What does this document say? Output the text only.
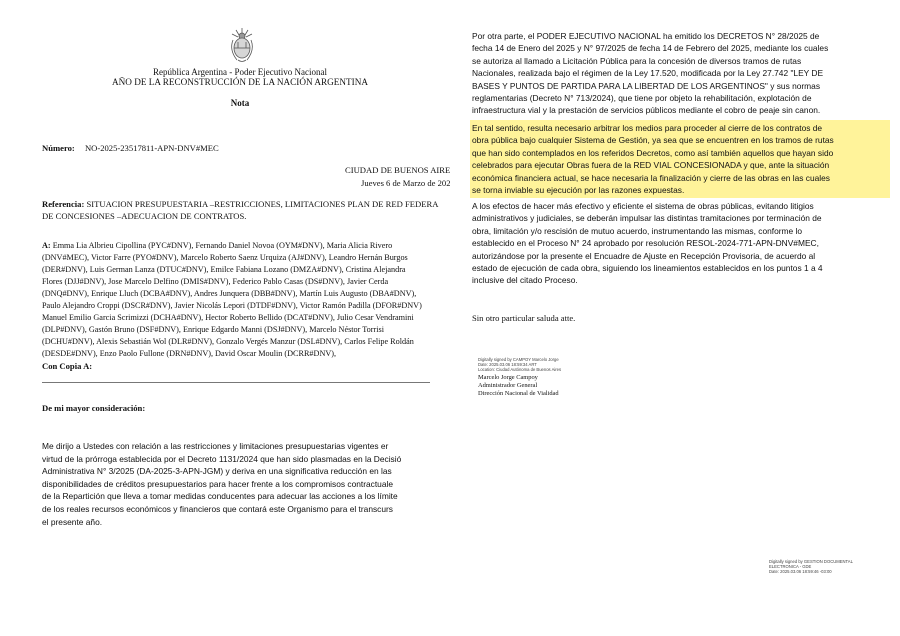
República Argentina - Poder Ejecutivo Nacional
AÑO DE LA RECONSTRUCCIÓN DE LA NACIÓN ARGENTINA
Nota
Número: NO-2025-23517811-APN-DNV#MEC
CIUDAD DE BUENOS AIRE
Jueves 6 de Marzo de 202
Referencia: SITUACION PRESUPUESTARIA –RESTRICCIONES, LIMITACIONES PLAN DE RED FEDERA
DE CONCESIONES –ADECUACION DE CONTRATOS.
A: Emma Lia Albrieu Cipollina (PYC#DNV), Fernando Daniel Novoa (OYM#DNV), Maria Alicia Rivero
(DNV#MEC), Victor Farre (PYO#DNV), Marcelo Roberto Saenz Urquiza (AJ#DNV), Leandro Hernán Burgos
(DER#DNV), Luis German Lanza (DTUC#DNV), Emilce Fabiana Lozano (DMZA#DNV), Cristina Alejandra
Flores (DJJ#DNV), Jose Marcelo Delfino (DMIS#DNV), Federico Pablo Casas (DS#DNV), Javier Cerda
(DNQ#DNV), Enrique Lluch (DCBA#DNV), Andres Junquera (DBB#DNV), Martín Luis Augusto (DBA#DNV),
Paulo Alejandro Croppi (DSCR#DNV), Javier Nicolás Lepori (DTDF#DNV), Victor Ramón Padilla (DFOR#DNV)
Manuel Emilio Garcia Scrimizzi (DCHA#DNV), Hector Roberto Bellido (DCAT#DNV), Julio Cesar Vendramini
(DLP#DNV), Gastón Bruno (DSF#DNV), Enrique Edgardo Manni (DSJ#DNV), Marcelo Néstor Torrisi
(DCHU#DNV), Alexis Sebastián Wol (DLR#DNV), Gonzalo Vergés Manzur (DSL#DNV), Carlos Felipe Roldán
(DESDE#DNV), Enzo Paolo Fullone (DRN#DNV), David Oscar Moulin (DCRR#DNV),
Con Copia A:
De mi mayor consideración:
Me dirijo a Ustedes con relación a las restricciones y limitaciones presupuestarias vigentes er
virtud de la prórroga establecida por el Decreto 1131/2024 que han sido plasmadas en la Decisió
Administrativa N° 3/2025 (DA-2025-3-APN-JGM) y deriva en una significativa reducción en las
disponibilidades de créditos presupuestarios para hacer frente a los compromisos contractuale
de la Repartición que lleva a tomar medidas conducentes para adecuar las acciones a los límite
de los reales recursos económicos y financieros que contará este Organismo para el transcurs
el presente año.
Por otra parte, el PODER EJECUTIVO NACIONAL ha emitido los DECRETOS N° 28/2025 de
fecha 14 de Enero del 2025 y N° 97/2025 de fecha 14 de Febrero del 2025, mediante los cuales
se autoriza al llamado a Licitación Pública para la concesión de diversos tramos de rutas
Nacionales, realizada bajo el régimen de la Ley 17.520, modificada por la Ley 27.742 "LEY DE
BASES Y PUNTOS DE PARTIDA PARA LA LIBERTAD DE LOS ARGENTINOS" y sus normas
reglamentarias (Decreto N° 713/2024), que tiene por objeto la rehabilitación, explotación de
infraestructura vial y la prestación de servicios públicos mediante el cobro de peaje sin canon.
En tal sentido, resulta necesario arbitrar los medios para proceder al cierre de los contratos de
obra pública bajo cualquier Sistema de Gestión, ya sea que se encuentren en los tramos de rutas
que han sido contemplados en los referidos Decretos, como así también aquellos que hayan sido
celebrados para ejecutar Obras fuera de la RED VIAL CONCESIONADA y que, ante la situación
económica financiera actual, se hace necesaria la finalización y cierre de las obras en las cuales
se torna inviable su ejecución por las razones expuestas.
A los efectos de hacer más efectivo y eficiente el sistema de obras públicas, evitando litigios
administrativos y judiciales, se deberán impulsar las distintas tramitaciones por terminación de
obra, limitación y/o rescisión de mutuo acuerdo, instrumentando las mismas, conforme lo
establecido en el Proceso N° 24 aprobado por resolución RESOL-2024-771-APN-DNV#MEC,
autorizándose por la presente el Encuadre de Ajuste en Recepción Provisoria, de acuerdo al
estado de ejecución de cada obra, siguiendo los lineamientos establecidos en los puntos 1 a 4
inclusive del citado Proceso.
Sin otro particular saluda atte.
Digitally signed by CAMPOY Marcelo Jorge
Date: 2025.03.06 18:59:34 ART
Location: Ciudad Autónoma de Buenos Aires
Marcelo Jorge Campoy
Administrador General
Dirección Nacional de Vialidad
Digitally signed by GESTION DOCUMENTAL
ELECTRONICA - GDE
Date: 2025.03.06 18:59:46 -03:00
